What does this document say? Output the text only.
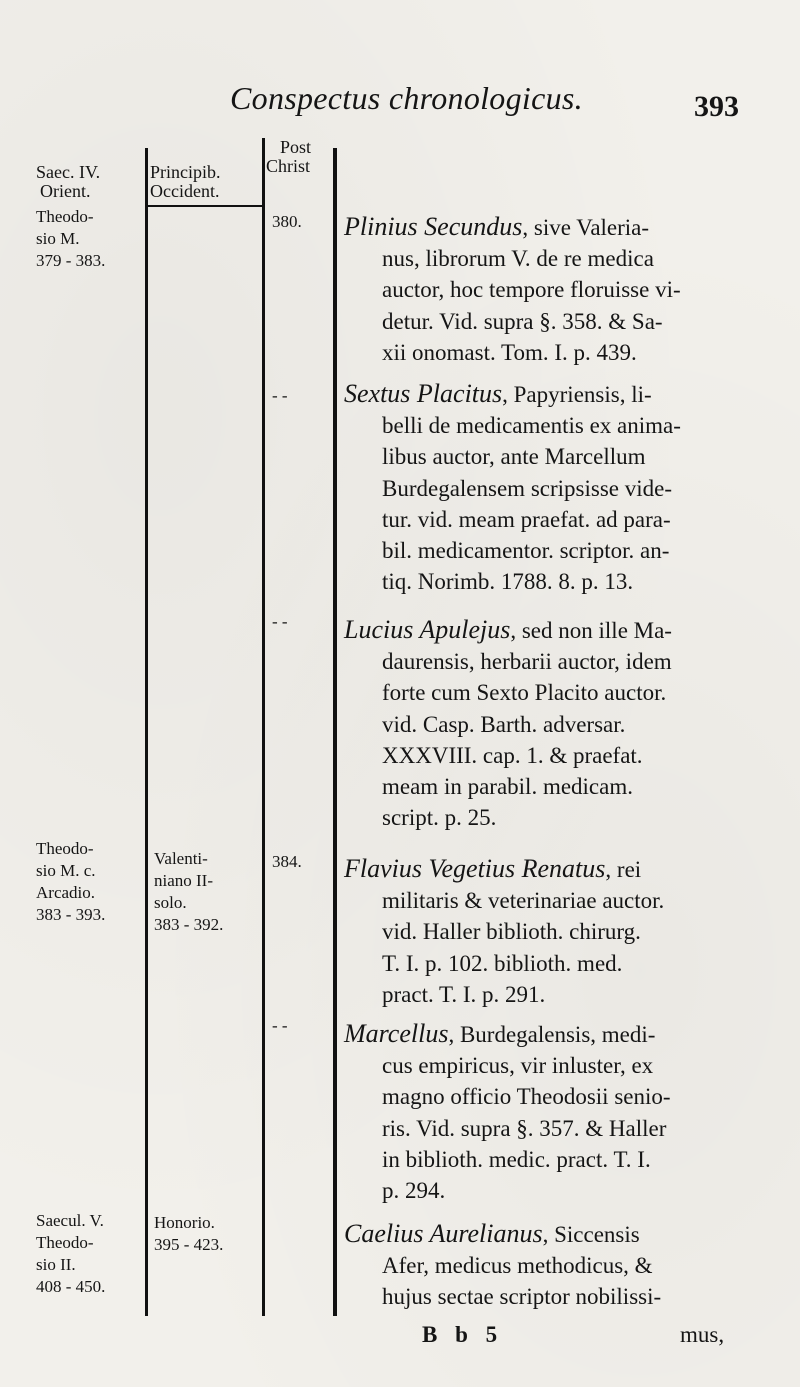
Conspectus chronologicus.	393
Saec. IV.
Orient.
Principib.
Occident.
Post
Christ
Theodo-
sio M.
379 - 383.
Theodo-
sio M. c.
Arcadio.
383 - 393.
Saecul. V.
Theodo-
sio II.
408 - 450.
Valenti-
niano II-
solo.
383 - 392.
Honorio.
395 - 423.
380.
- -
- -
384.
- -
Plinius Secundus, sive Valeria-
nus, librorum V. de re medica
auctor, hoc tempore floruisse vi-
detur. Vid. supra §. 358. & Sa-
xii onomast. Tom. I. p. 439.
Sextus Placitus, Papyriensis, li-
belli de medicamentis ex anima-
libus auctor, ante Marcellum
Burdegalensem scripsisse vide-
tur. vid. meam praefat. ad para-
bil. medicamentor. scriptor. an-
tiq. Norimb. 1788. 8. p. 13.
Lucius Apulejus, sed non ille Ma-
daurensis, herbarii auctor, idem
forte cum Sexto Placito auctor.
vid. Casp. Barth. adversar.
XXXVIII. cap. 1. & praefat.
meam in parabil. medicam.
script. p. 25.
Flavius Vegetius Renatus, rei
militaris & veterinariae auctor.
vid. Haller biblioth. chirurg.
T. I. p. 102. biblioth. med.
pract. T. I. p. 291.
Marcellus, Burdegalensis, medi-
cus empiricus, vir inluster, ex
magno officio Theodosii senio-
ris. Vid. supra §. 357. & Haller
in biblioth. medic. pract. T. I.
p. 294.
Caelius Aurelianus, Siccensis
Afer, medicus methodicus, &
hujus sectae scriptor nobilissi-
B b 5	mus,
